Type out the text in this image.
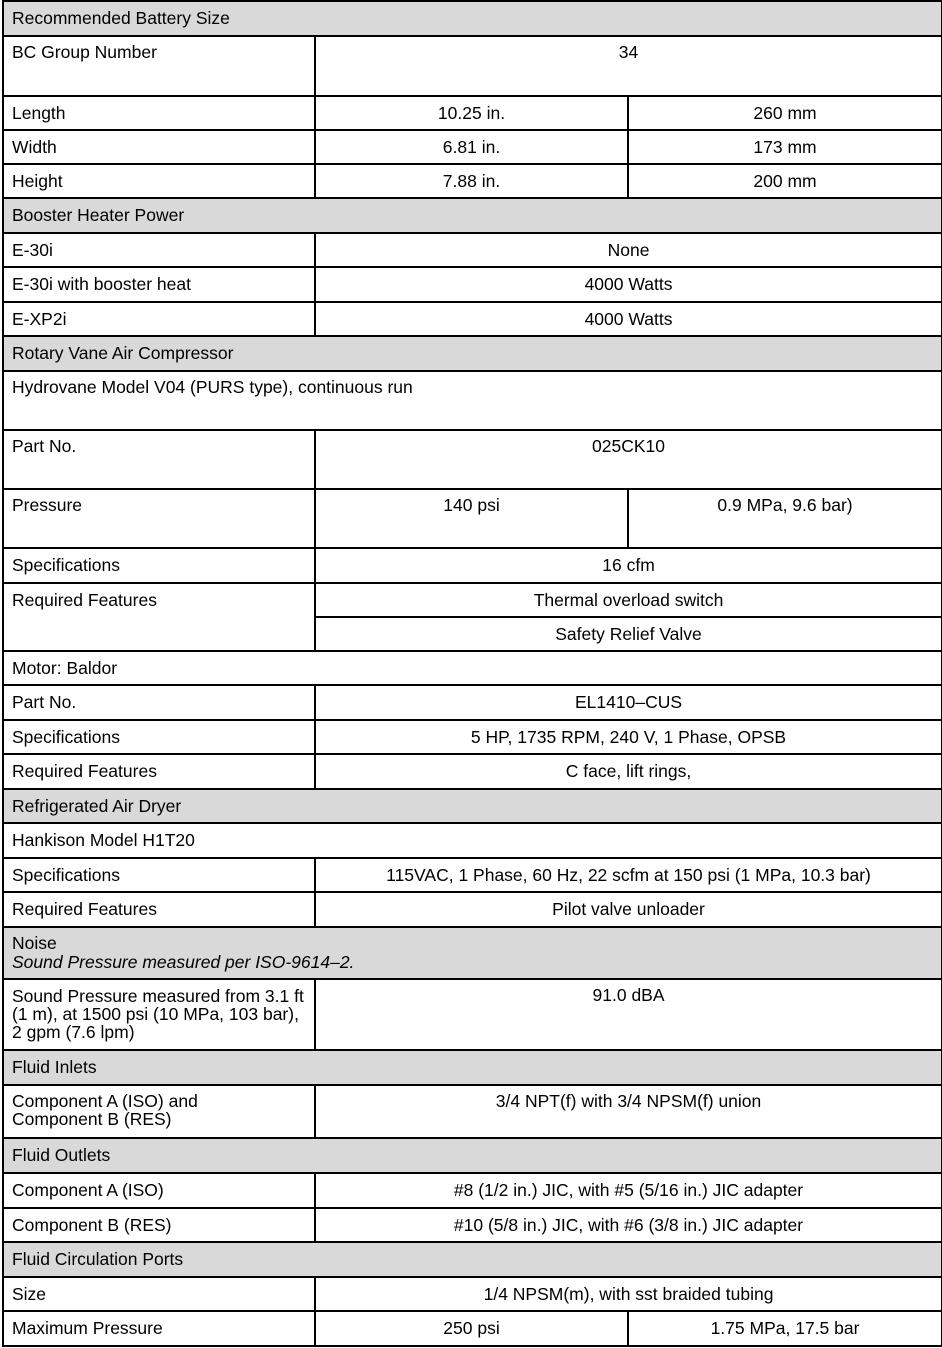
Recommended Battery Size		
BC Group Number	34	
Length	10.25 in.	260 mm
Width	6.81 in.	173 mm
Height	7.88 in.	200 mm
Booster Heater Power		
E-30i	None	
E-30i with booster heat	4000 Watts	
E-XP2i	4000 Watts	
Rotary Vane Air Compressor		
Hydrovane Model V04 (PURS type), continuous run		
Part No.	025CK10	
Pressure	140 psi	0.9 MPa, 9.6 bar)
Specifications	16 cfm	
Required Features	Thermal overload switch	
	Safety Relief Valve	
Motor: Baldor		
Part No.	EL1410–CUS	
Specifications	5 HP, 1735 RPM, 240 V, 1 Phase, OPSB	
Required Features	C face, lift rings,	
Refrigerated Air Dryer		
Hankison Model H1T20		
Specifications	115VAC, 1 Phase, 60 Hz, 22 scfm at 150 psi (1 MPa, 10.3 bar)	
Required Features	Pilot valve unloader	

Noise
Sound Pressure measured per ISO-9614–2.		

Sound Pressure measured from 3.1 ft (1 m), at 1500 psi (10 MPa, 103 bar), 2 gpm (7.6 lpm)	91.0 dBA	
Fluid Inlets		
Component A (ISO) and Component B (RES)	3/4 NPT(f) with 3/4 NPSM(f) union	
Fluid Outlets		
Component A (ISO)	#8 (1/2 in.) JIC, with #5 (5/16 in.) JIC adapter	
Component B (RES)	#10 (5/8 in.) JIC, with #6 (3/8 in.) JIC adapter	
Fluid Circulation Ports		
Size	1/4 NPSM(m), with sst braided tubing	
Maximum Pressure	250 psi	1.75 MPa, 17.5 bar
